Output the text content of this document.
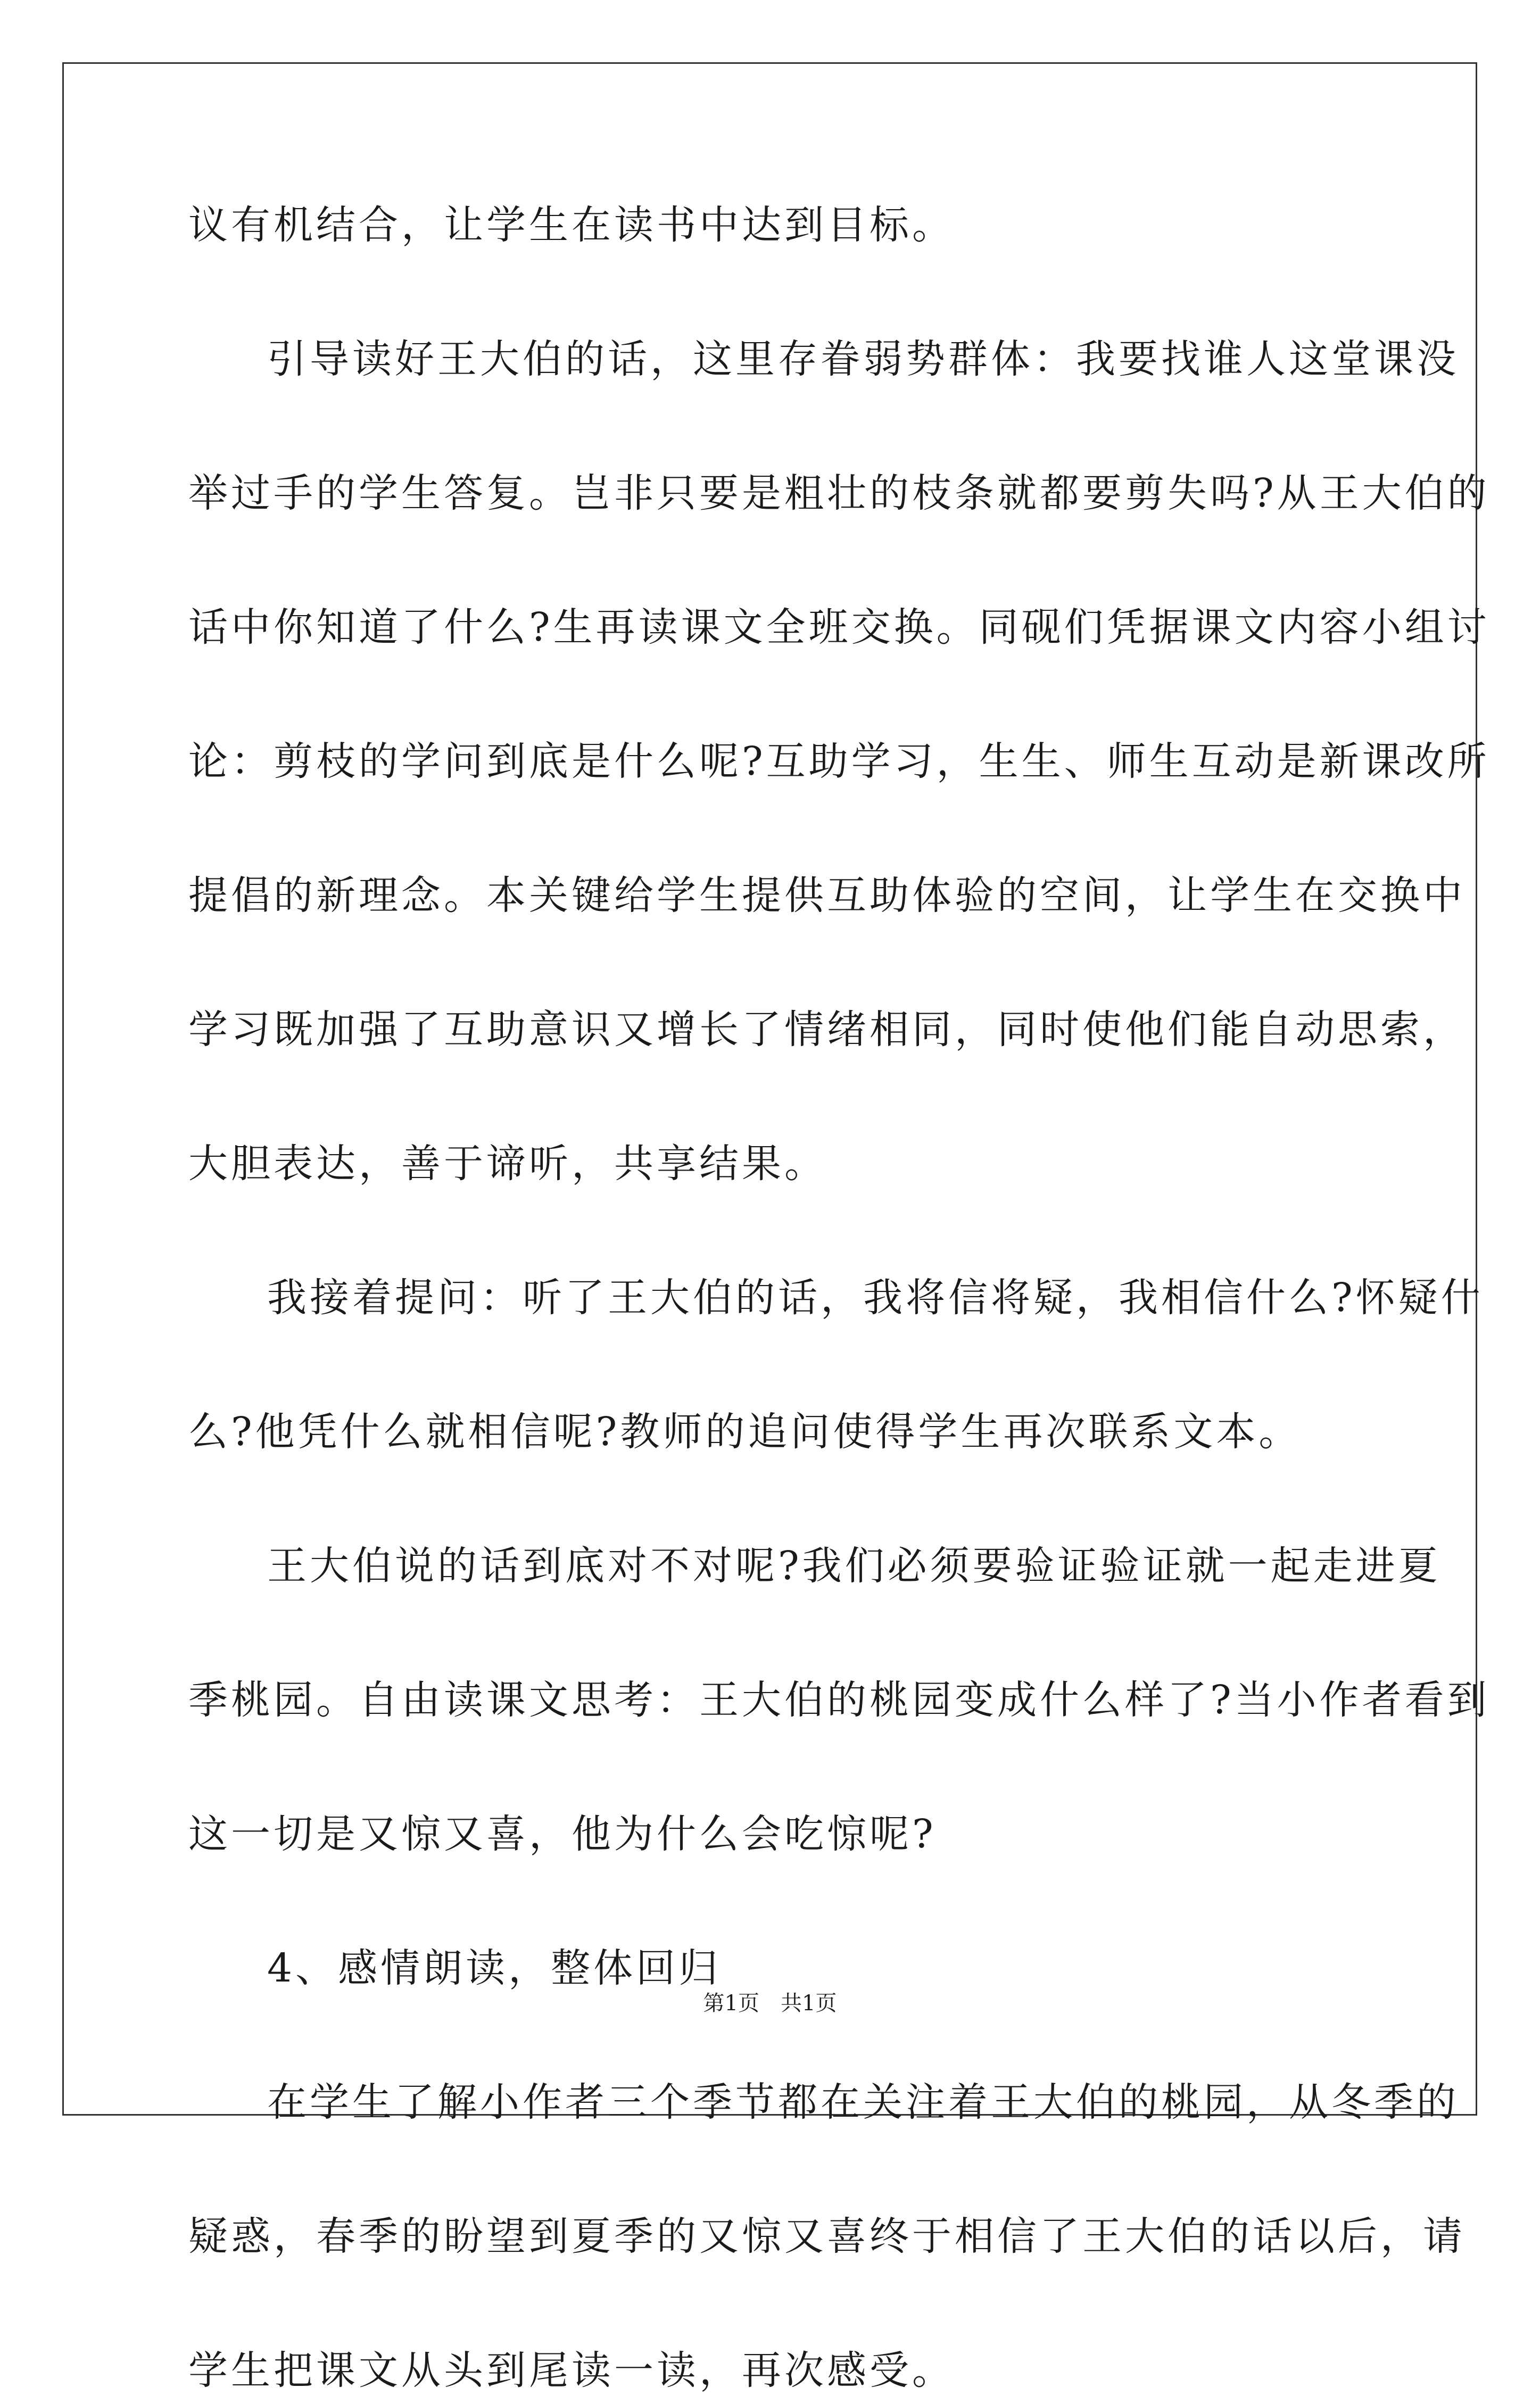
议有机结合，让学生在读书中达到目标。
引导读好王大伯的话，这里存眷弱势群体：我要找谁人这堂课没
举过手的学生答复。岂非只要是粗壮的枝条就都要剪失吗?从王大伯的
话中你知道了什么?生再读课文全班交换。同砚们凭据课文内容小组讨
论：剪枝的学问到底是什么呢?互助学习，生生、师生互动是新课改所
提倡的新理念。本关键给学生提供互助体验的空间，让学生在交换中
学习既加强了互助意识又增长了情绪相同，同时使他们能自动思索，
大胆表达，善于谛听，共享结果。
我接着提问：听了王大伯的话，我将信将疑，我相信什么?怀疑什
么?他凭什么就相信呢?教师的追问使得学生再次联系文本。
王大伯说的话到底对不对呢?我们必须要验证验证就一起走进夏
季桃园。自由读课文思考：王大伯的桃园变成什么样了?当小作者看到
这一切是又惊又喜，他为什么会吃惊呢?
4、感情朗读，整体回归
在学生了解小作者三个季节都在关注着王大伯的桃园，从冬季的
疑惑，春季的盼望到夏季的又惊又喜终于相信了王大伯的话以后，请
学生把课文从头到尾读一读，再次感受。
第1页　共1页
